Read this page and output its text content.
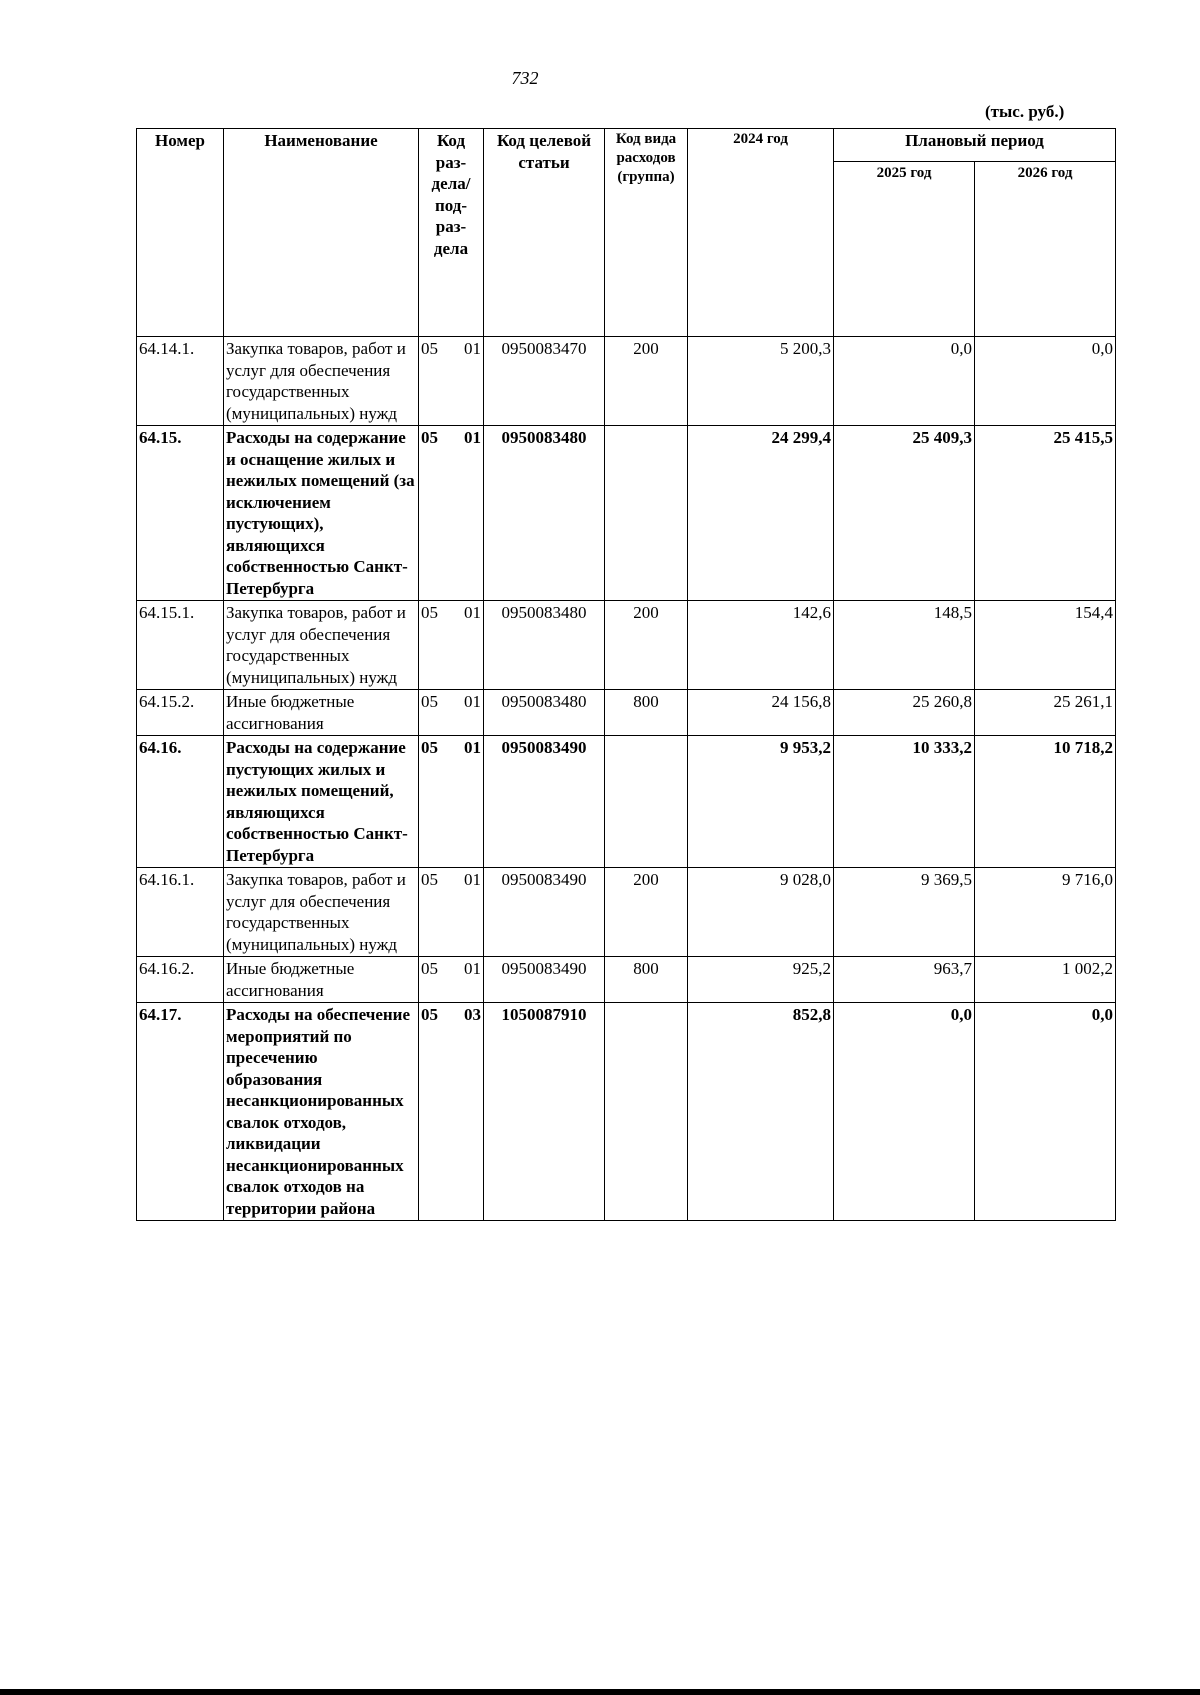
732
(тыс. руб.)
Номер	Наименование	Код раз-дела/ под-раз-дела	Код целевой статьи	Код вида расходов (группа)	2024 год	Плановый период	
						2025 год	2026 год
64.14.1.	Закупка товаров, работ и услуг для обеспечения государственных (муниципальных) нужд	05 01	0950083470	200	5 200,3	0,0	0,0
64.15.	Расходы на содержание и оснащение жилых и нежилых помещений (за исключением пустующих), являющихся собственностью Санкт-Петербурга	05 01	0950083480		24 299,4	25 409,3	25 415,5
64.15.1.	Закупка товаров, работ и услуг для обеспечения государственных (муниципальных) нужд	05 01	0950083480	200	142,6	148,5	154,4
64.15.2.	Иные бюджетные ассигнования	05 01	0950083480	800	24 156,8	25 260,8	25 261,1
64.16.	Расходы на содержание пустующих жилых и нежилых помещений, являющихся собственностью Санкт-Петербурга	05 01	0950083490		9 953,2	10 333,2	10 718,2
64.16.1.	Закупка товаров, работ и услуг для обеспечения государственных (муниципальных) нужд	05 01	0950083490	200	9 028,0	9 369,5	9 716,0
64.16.2.	Иные бюджетные ассигнования	05 01	0950083490	800	925,2	963,7	1 002,2
64.17.	Расходы на обеспечение мероприятий по пресечению образования несанкционированных свалок отходов, ликвидации несанкционированных свалок отходов на территории района	05 03	1050087910		852,8	0,0	0,0
